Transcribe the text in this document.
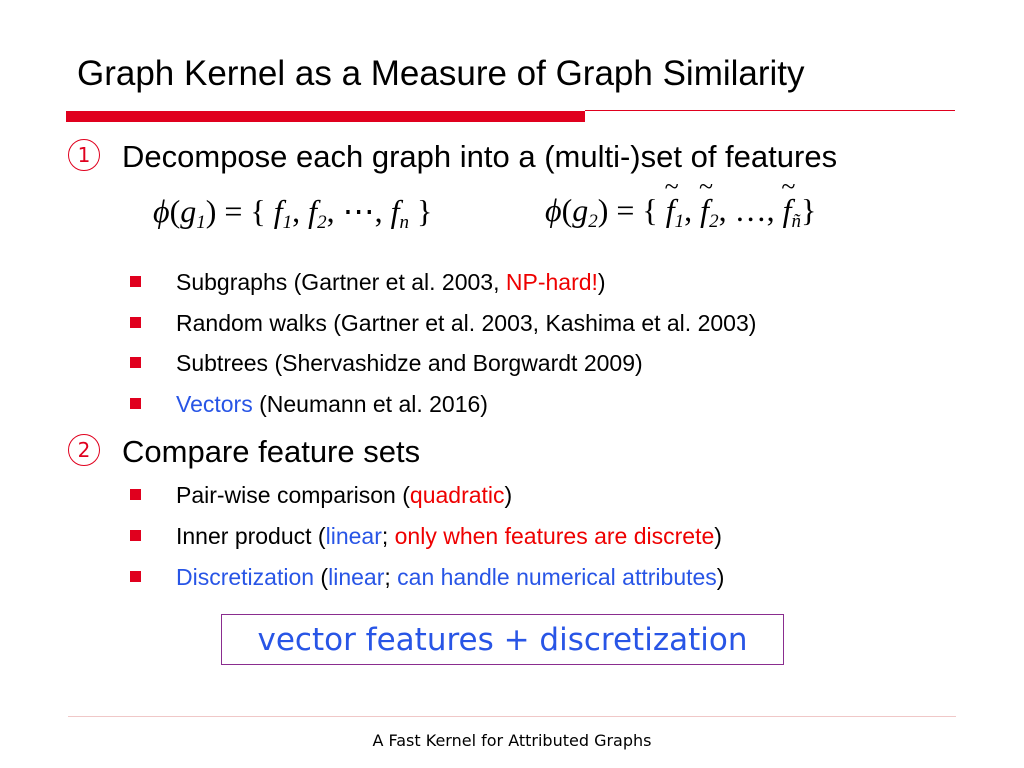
Graph Kernel as a Measure of Graph Similarity
1 Decompose each graph into a (multi-)set of features
$\phi(g_1)$ = { $f_1$, $f_2$, ⋯, $f_n$ }	$\phi(g_2)$ = { ~ $f_1$, ~ $f_2$, …, ~ $f_ñ$}
Subgraphs (Gartner et al. 2003, NP-hard!)
Random walks (Gartner et al. 2003, Kashima et al. 2003)
Subtrees (Shervashidze and Borgwardt 2009)
Vectors (Neumann et al. 2016)
2 Compare feature sets
Pair-wise comparison (quadratic)
Inner product (linear; only when features are discrete)
Discretization (linear; can handle numerical attributes)
vector features + discretization
A Fast Kernel for Attributed Graphs
